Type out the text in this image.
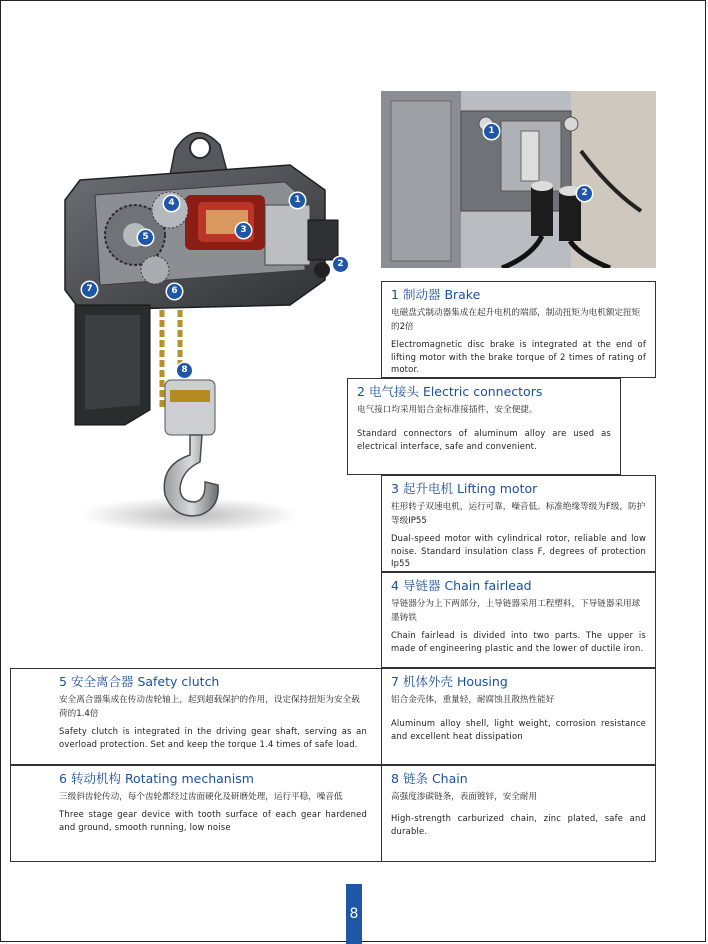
1
2
3
4
5
6
7
8
1
2
1 制动器 Brake
电磁盘式制动器集成在起升电机的端部，制动扭矩为电机额定扭矩的2倍
Electromagnetic disc brake is integrated at the end of lifting motor with the brake torque of 2 times of rating of motor.
2 电气接头 Electric connectors
电气接口均采用铝合金标准接插件，安全便捷。
Standard connectors of aluminum alloy are used as electrical interface, safe and convenient.
3 起升电机 Lifting motor
柱形转子双速电机，运行可靠，噪音低。标准绝缘等级为F级，防护等级IP55
Dual-speed motor with cylindrical rotor, reliable and low noise. Standard insulation class F, degrees of protection Ip55
4 导链器 Chain fairlead
导链器分为上下两部分，上导链器采用工程塑料，下导链器采用球墨铸铁
Chain fairlead is divided into two parts. The upper is made of engineering plastic and the lower of ductile iron.
5 安全离合器 Safety clutch
安全离合器集成在传动齿轮轴上，起到超载保护的作用，设定保持扭矩为安全载荷的1.4倍
Safety clutch is integrated in the driving gear shaft, serving as an overload protection. Set and keep the torque 1.4 times of safe load.
7 机体外壳 Housing
铝合金壳体，重量轻，耐腐蚀且散热性能好
Aluminum alloy shell, light weight, corrosion resistance and excellent heat dissipation
6 转动机构 Rotating mechanism
三级斜齿轮传动，每个齿轮都经过齿面硬化及研磨处理，运行平稳，噪音低
Three stage gear device with tooth surface of each gear hardened and ground, smooth running, low noise
8 链条 Chain
高强度渗碳链条，表面镀锌，安全耐用
High-strength carburized chain, zinc plated, safe and durable.
8
